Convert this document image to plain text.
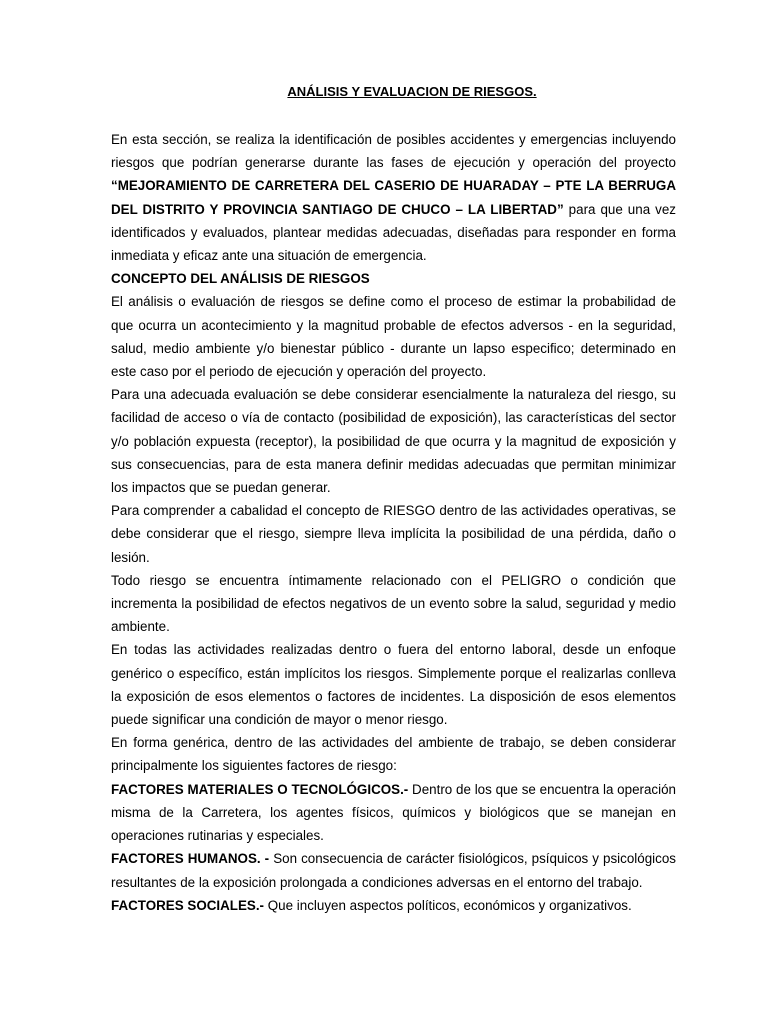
ANÁLISIS Y EVALUACION DE RIESGOS.

En esta sección, se realiza la identificación de posibles accidentes y emergencias incluyendo riesgos que podrían generarse durante las fases de ejecución y operación del proyecto “MEJORAMIENTO DE CARRETERA DEL CASERIO DE HUARADAY – PTE LA BERRUGA DEL DISTRITO Y PROVINCIA SANTIAGO DE CHUCO – LA LIBERTAD” para que una vez identificados y evaluados, plantear medidas adecuadas, diseñadas para responder en forma inmediata y eficaz ante una situación de emergencia.

CONCEPTO DEL ANÁLISIS DE RIESGOS

El análisis o evaluación de riesgos se define como el proceso de estimar la probabilidad de que ocurra un acontecimiento y la magnitud probable de efectos adversos - en la seguridad, salud, medio ambiente y/o bienestar público - durante un lapso especifico; determinado en este caso por el periodo de ejecución y operación del proyecto.

Para una adecuada evaluación se debe considerar esencialmente la naturaleza del riesgo, su facilidad de acceso o vía de contacto (posibilidad de exposición), las características del sector y/o población expuesta (receptor), la posibilidad de que ocurra y la magnitud de exposición y sus consecuencias, para de esta manera definir medidas adecuadas que permitan minimizar los impactos que se puedan generar.

Para comprender a cabalidad el concepto de RIESGO dentro de las actividades operativas, se debe considerar que el riesgo, siempre lleva implícita la posibilidad de una pérdida, daño o lesión.

Todo riesgo se encuentra íntimamente relacionado con el PELIGRO o condición que incrementa la posibilidad de efectos negativos de un evento sobre la salud, seguridad y medio ambiente.

En todas las actividades realizadas dentro o fuera del entorno laboral, desde un enfoque genérico o específico, están implícitos los riesgos. Simplemente porque el realizarlas conlleva la exposición de esos elementos o factores de incidentes. La disposición de esos elementos puede significar una condición de mayor o menor riesgo.

En forma genérica, dentro de las actividades del ambiente de trabajo, se deben considerar principalmente los siguientes factores de riesgo:

FACTORES MATERIALES O TECNOLÓGICOS.- Dentro de los que se encuentra la operación misma de la Carretera, los agentes físicos, químicos y biológicos que se manejan en operaciones rutinarias y especiales.

FACTORES HUMANOS. - Son consecuencia de carácter fisiológicos, psíquicos y psicológicos resultantes de la exposición prolongada a condiciones adversas en el entorno del trabajo.

FACTORES SOCIALES.- Que incluyen aspectos políticos, económicos y organizativos.
